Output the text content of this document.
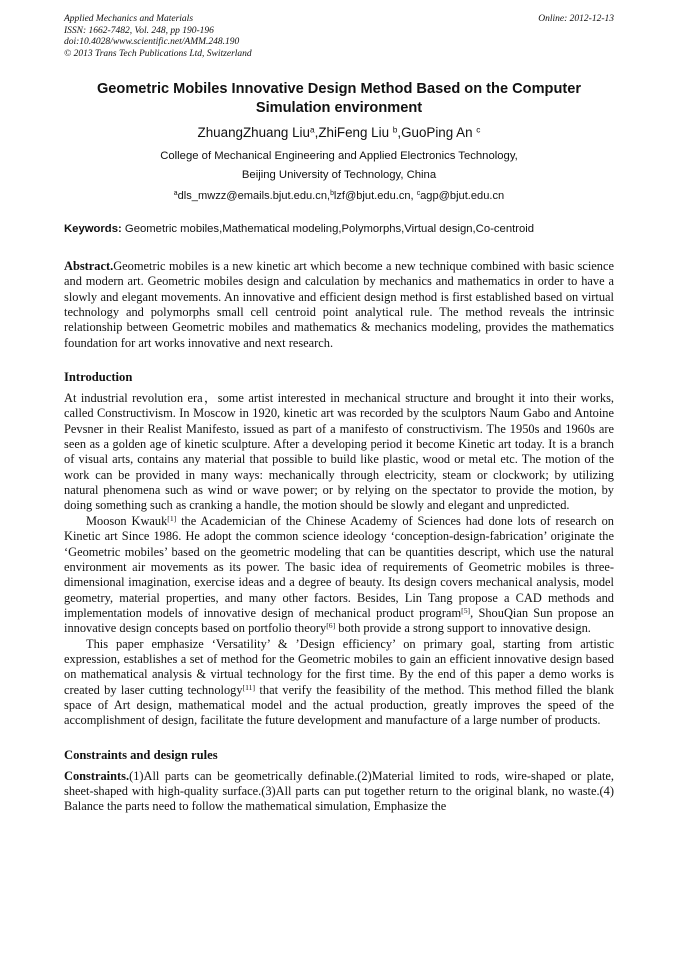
Applied Mechanics and Materials
ISSN: 1662-7482, Vol. 248, pp 190-196
doi:10.4028/www.scientific.net/AMM.248.190
© 2013 Trans Tech Publications Ltd, Switzerland
Online: 2012-12-13
Geometric Mobiles Innovative Design Method Based on the Computer Simulation environment
ZhuangZhuang Liu$^a$,ZhiFeng Liu $^b$,GuoPing An $^c$
College of Mechanical Engineering and Applied Electronics Technology,
Beijing University of Technology, China
$^a$dls_mwzz@emails.bjut.edu.cn,$^b$lzf@bjut.edu.cn, $^c$agp@bjut.edu.cn
Keywords: Geometric mobiles,Mathematical modeling,Polymorphs,Virtual design,Co-centroid

Abstract.Geometric mobiles is a new kinetic art which become a new technique combined with basic science and modern art. Geometric mobiles design and calculation by mechanics and mathematics in order to have a slowly and elegant movements. An innovative and efficient design method is first established based on virtual technology and polymorphs small cell centroid point analytical rule. The method reveals the intrinsic relationship between Geometric mobiles and mathematics & mechanics modeling, provides the mathematics foundation for art works innovative and next research.

Introduction

At industrial revolution era，some artist interested in mechanical structure and brought it into their works, called Constructivism. In Moscow in 1920, kinetic art was recorded by the sculptors Naum Gabo and Antoine Pevsner in their Realist Manifesto, issued as part of a manifesto of constructivism. The 1950s and 1960s are seen as a golden age of kinetic sculpture. After a developing period it become Kinetic art today. It is a branch of visual arts, contains any material that possible to build like plastic, wood or metal etc. The motion of the work can be provided in many ways: mechanically through electricity, steam or clockwork; by utilizing natural phenomena such as wind or wave power; or by relying on the spectator to provide the motion, by doing something such as cranking a handle, the motion should be slowly and elegant and unpredicted.

Mooson Kwauk[1] the Academician of the Chinese Academy of Sciences had done lots of research on Kinetic art Since 1986. He adopt the common science ideology ‘conception-design-fabrication’ originate the ‘Geometric mobiles’ based on the geometric modeling that can be quantities descript, which use the natural environment air movements as its power. The basic idea of requirements of Geometric mobiles is three-dimensional imagination, exercise ideas and a degree of beauty. Its design covers mechanical analysis, model geometry, material properties, and many other factors. Besides, Lin Tang propose a CAD methods and implementation models of innovative design of mechanical product program[5], ShouQian Sun propose an innovative design concepts based on portfolio theory[6] both provide a strong support to innovative design.

This paper emphasize ‘Versatility’ & ’Design efficiency’ on primary goal, starting from artistic expression, establishes a set of method for the Geometric mobiles to gain an efficient innovative design based on mathematical analysis & virtual technology for the first time. By the end of this paper a demo works is created by laser cutting technology[11] that verify the feasibility of the method. This method filled the blank space of Art design, mathematical model and the actual production, greatly improves the speed of the accomplishment of design, facilitate the future development and manufacture of a large number of products.

Constraints and design rules

Constraints.(1)All parts can be geometrically definable.(2)Material limited to rods, wire-shaped or plate, sheet-shaped with high-quality surface.(3)All parts can put together return to the original blank, no waste.(4) Balance the parts need to follow the mathematical simulation, Emphasize the
